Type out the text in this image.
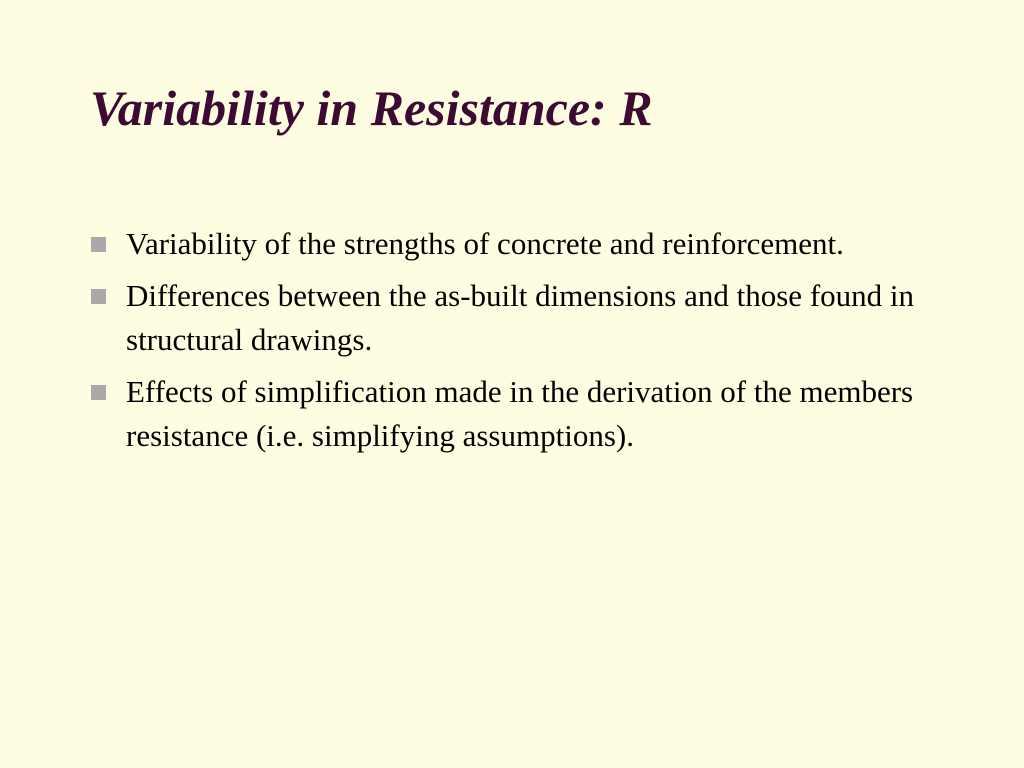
Variability in Resistance: R
Variability of the strengths of concrete and reinforcement.
Differences between the as-built dimensions and those found in structural drawings.
Effects of simplification made in the derivation of the members resistance (i.e. simplifying assumptions).
